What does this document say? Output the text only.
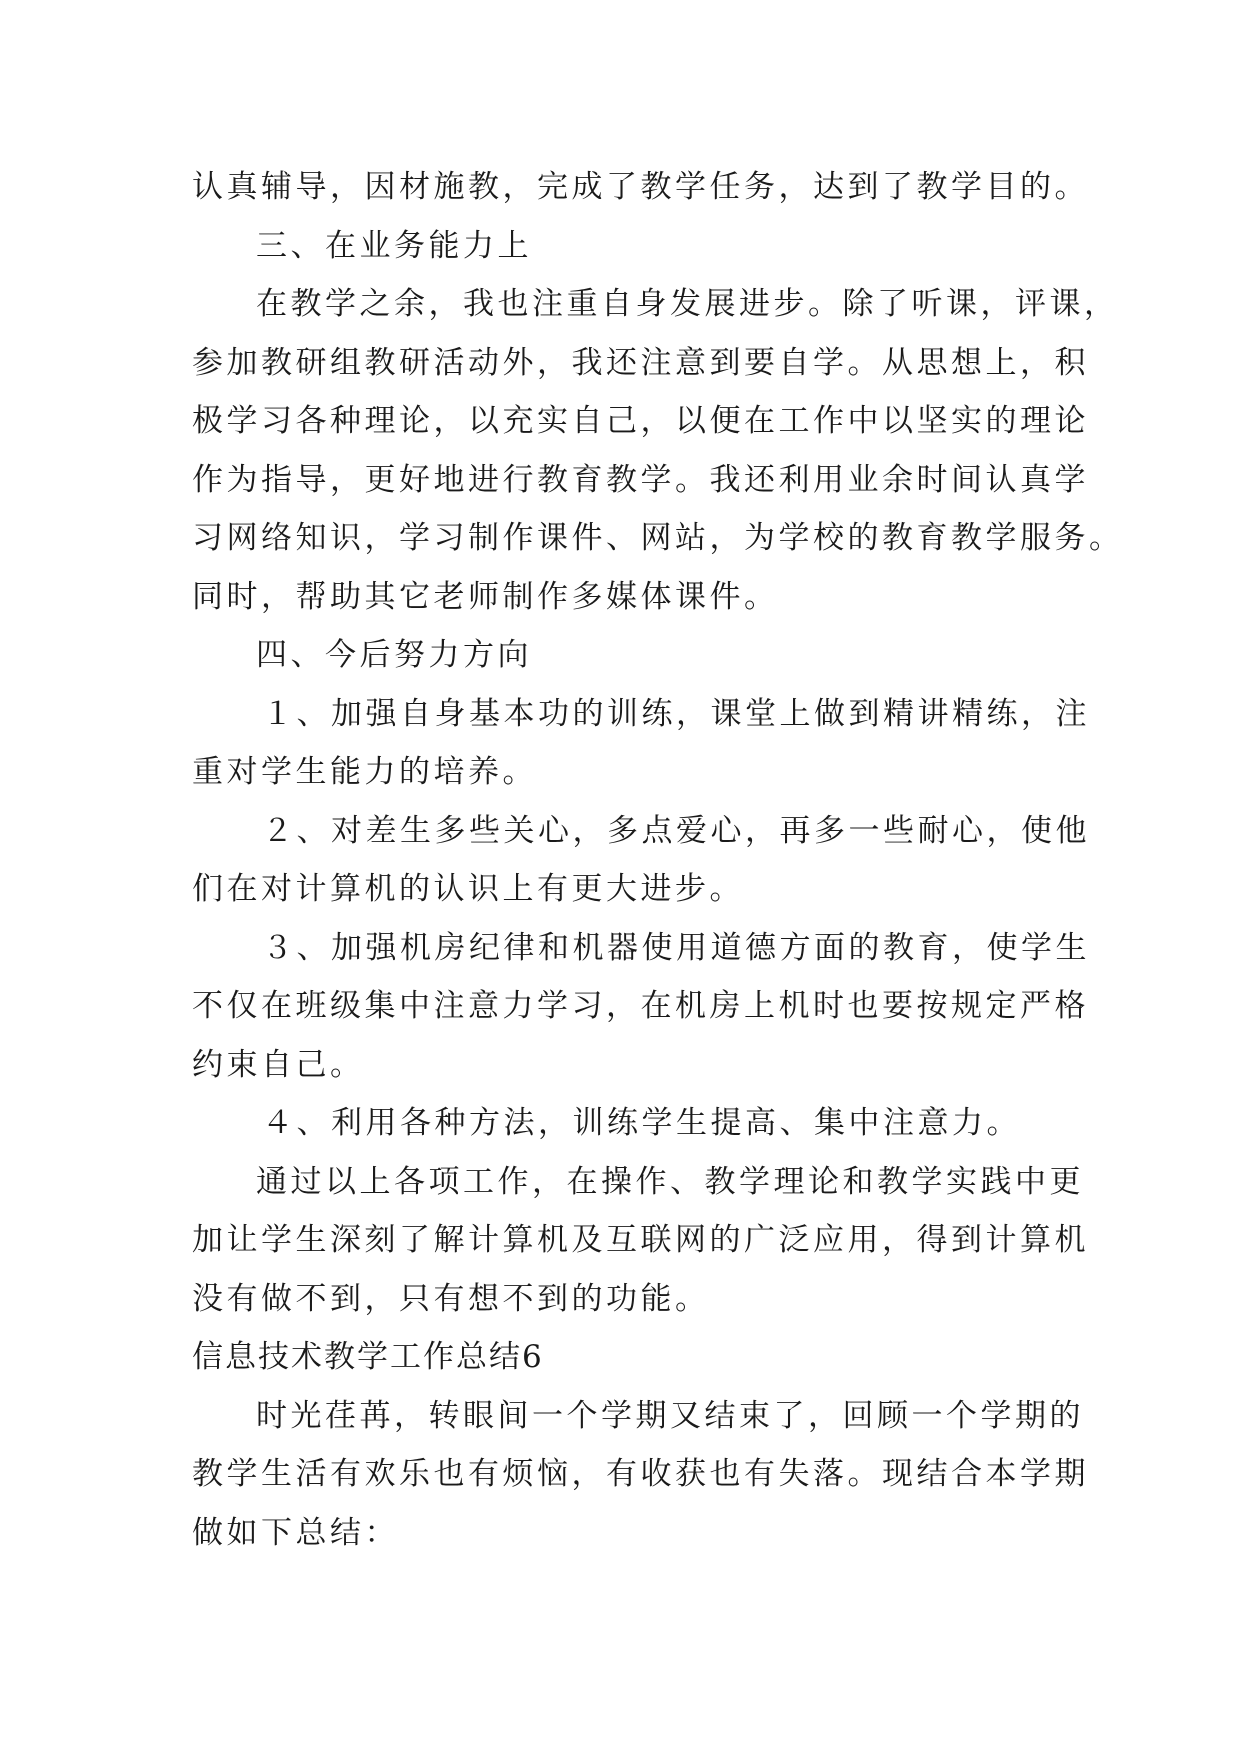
认真辅导，因材施教，完成了教学任务，达到了教学目的。
三、在业务能力上
在教学之余，我也注重自身发展进步。除了听课，评课，
参加教研组教研活动外，我还注意到要自学。从思想上，积
极学习各种理论，以充实自己，以便在工作中以坚实的理论
作为指导，更好地进行教育教学。我还利用业余时间认真学
习网络知识，学习制作课件、网站，为学校的教育教学服务。
同时，帮助其它老师制作多媒体课件。
四、今后努力方向
１、加强自身基本功的训练，课堂上做到精讲精练，注
重对学生能力的培养。
２、对差生多些关心，多点爱心，再多一些耐心，使他
们在对计算机的认识上有更大进步。
３、加强机房纪律和机器使用道德方面的教育，使学生
不仅在班级集中注意力学习，在机房上机时也要按规定严格
约束自己。
４、利用各种方法，训练学生提高、集中注意力。
通过以上各项工作，在操作、教学理论和教学实践中更
加让学生深刻了解计算机及互联网的广泛应用，得到计算机
没有做不到，只有想不到的功能。
信息技术教学工作总结6
时光荏苒，转眼间一个学期又结束了，回顾一个学期的
教学生活有欢乐也有烦恼，有收获也有失落。现结合本学期
做如下总结：
